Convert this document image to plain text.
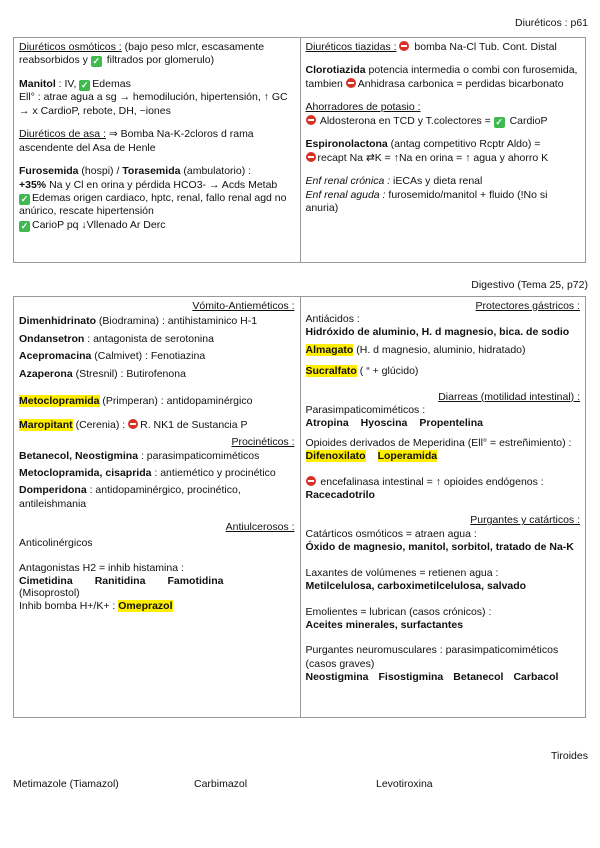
Diuréticos : p61
Diuréticos osmóticos : (bajo peso mlcr, escasamente reabsorbidos y ✓ filtrados por glomerulo)
Manitol : IV, ✓ Edemas
Ell° : atrae agua a sg → hemodilución, hipertensión, ↑ GC → x CardioP, rebote, DH, ~iones
Diuréticos de asa : ⇒ Bomba Na-K-2cloros d rama ascendente del Asa de Henle
Furosemida (hospi) / Torasemida (ambulatorio) :
+35% Na y Cl en orina y pérdida HCO3- → Acds Metab
✓ Edemas origen cardiaco, hptc, renal, fallo renal agd no anúrico, rescate hipertensión
✓ CarioP pq ↓Vllenado Ar Derc
Diuréticos tiazidas :  bomba Na-Cl Tub. Cont. Distal
Clorotiazida potencia intermedia o combi con furosemida, tambien Anhidrasa carbonica = perdidas bicarbonato
Ahorradores de potasio :
Aldosterona en TCD y T.colectores = ✓ CardioP
Espironolactona (antag competitivo Rcptr Aldo) =
recapt Na ⇄K = ↑Na en orina = ↑ agua y ahorro K
Enf renal crónica : iECAs y dieta renal
Enf renal aguda : furosemido/manitol + fluido (!No si anuria)
Digestivo (Tema 25, p72)
Vómito-Antieméticos :
Dimenhidrinato (Biodramina) : antihistaminico H-1
Ondansetron : antagonista de serotonina
Acepromacina (Calmivet) : Fenotiazina
Azaperona (Stresnil) : Butirofenona
Metoclopramida (Primperan) : antidopaminérgico
Maropitant (Cerenia) : R. NK1 de Sustancia P
Procinéticos :
Betanecol, Neostigmina : parasimpaticomiméticos
Metoclopramida, cisaprida : antiemético y procinético
Domperidona : antidopaminérgico, procinético, antileishmania
Antiulcerosos :
Anticolinérgicos
Antagonistas H2 = inhib histamina :
Cimetidina Ranitidina Famotidina
(Misoprostol)
Inhib bomba H+/K+ : Omeprazol
Protectores gástricos :
Antiácidos :
Hidróxido de aluminio, H. d magnesio, bica. de sodio
Almagato (H. d magnesio, aluminio, hidratado)
Sucralfato ( “ + glúcido)
Diarreas (motilidad intestinal) :
Parasimpaticomiméticos :
Atropina Hyoscina Propentelina
Opioides derivados de Meperidina (Ell° = estreñimiento) :
Difenoxilato Loperamida
encefalinasa intestinal = ↑ opioides endógenos :
Racecadotrilo
Purgantes y catárticos :
Catárticos osmóticos = atraen agua :
Óxido de magnesio, manitol, sorbitol, tratado de Na-K
Laxantes de volúmenes = retienen agua :
Metilcelulosa, carboximetilcelulosa, salvado
Emolientes = lubrican (casos crónicos) :
Aceites minerales, surfactantes
Purgantes neuromusculares : parasimpaticomiméticos (casos graves)
Neostigmina Fisostigmina Betanecol Carbacol
Tiroides
Metimazole (Tiamazol)	Carbimazol	Levotiroxina
